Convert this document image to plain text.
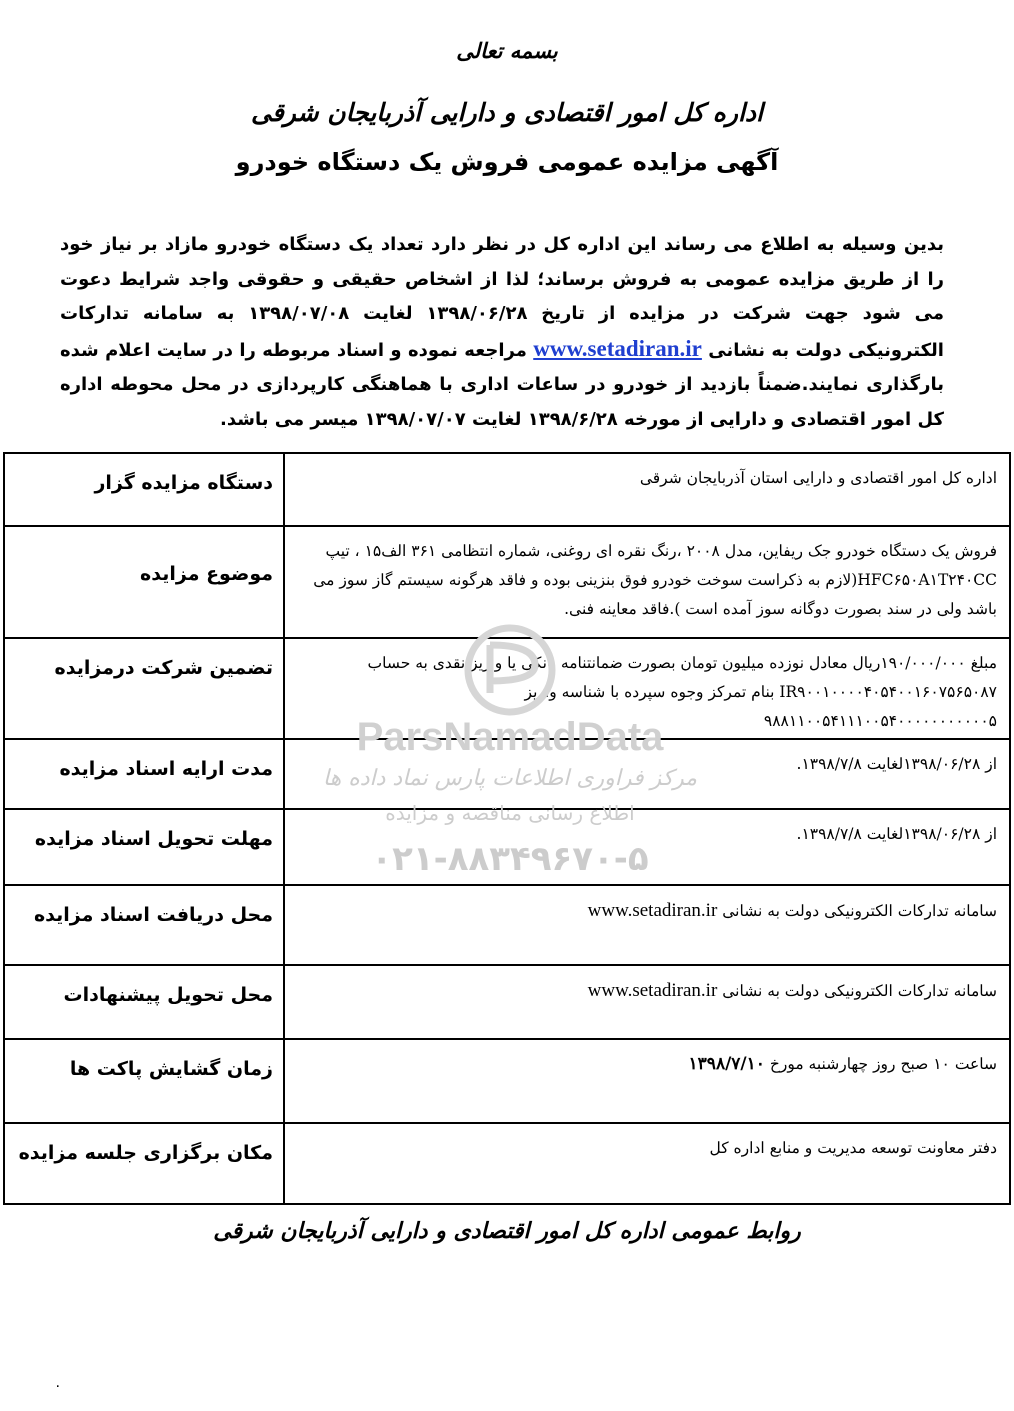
بسمه تعالی
اداره کل امور اقتصادی و دارایی آذربایجان شرقی
آگهی مزایده عمومی فروش یک دستگاه خودرو
بدین وسیله به اطلاع می رساند این اداره کل در نظر دارد تعداد یک دستگاه خودرو مازاد بر نیاز خود را از طریق مزایده عمومی به فروش برساند؛ لذا از اشخاص حقیقی و حقوقی واجد شرایط دعوت می شود جهت شرکت در مزایده از تاریخ ۱۳۹۸/۰۶/۲۸ لغایت ۱۳۹۸/۰۷/۰۸ به سامانه تدارکات الکترونیکی دولت به نشانی www.setadiran.ir مراجعه نموده و اسناد مربوطه را در سایت اعلام شده بارگذاری نمایند.ضمناً بازدید از خودرو در ساعات اداری با هماهنگی کارپردازی در محل محوطه اداره کل امور اقتصادی و دارایی از مورخه ۱۳۹۸/۶/۲۸ لغایت ۱۳۹۸/۰۷/۰۷ میسر می باشد.
اداره کل امور اقتصادی و دارایی استان آذربایجان شرقی	دستگاه مزایده گزار
فروش یک دستگاه خودرو جک ریفاین، مدل ۲۰۰۸ ،رنگ نقره ای روغنی، شماره انتظامی ۳۶۱ الف۱۵ ، تیپ HFC۶۵۰A۱T۲۴۰CC(لازم به ذکراست سوخت خودرو فوق بنزینی بوده و فاقد هرگونه سیستم گاز سوز می باشد ولی در سند بصورت دوگانه سوز آمده است ).فاقد معاینه فنی.	موضوع مزایده
مبلغ ۱۹۰/۰۰۰/۰۰۰ریال معادل نوزده میلیون تومان بصورت ضمانتنامه بانکی یا واریز نقدی به حساب IR۹۰۰۱۰۰۰۰۴۰۵۴۰۰۱۶۰۷۵۶۵۰۸۷ بنام تمرکز وجوه سپرده با شناسه واریز ۹۸۸۱۱۰۰۵۴۱۱۱۰۰۵۴۰۰۰۰۰۰۰۰۰۰۰۵	تضمین شرکت درمزایده
از ۱۳۹۸/۰۶/۲۸لغایت ۱۳۹۸/۷/۸.	مدت ارایه اسناد مزایده
از ۱۳۹۸/۰۶/۲۸لغایت ۱۳۹۸/۷/۸.	مهلت تحویل اسناد مزایده
سامانه تدارکات الکترونیکی دولت به نشانی www.setadiran.ir	محل دریافت اسناد مزایده
سامانه تدارکات الکترونیکی دولت به نشانی www.setadiran.ir	محل تحویل پیشنهادات
ساعت ۱۰ صبح روز چهارشنبه مورخ ۱۳۹۸/۷/۱۰	زمان گشایش پاکت ها
دفتر معاونت توسعه مدیریت و منابع اداره کل	مکان برگزاری جلسه مزایده
ParsNamadData
مرکز فراوری اطلاعات پارس نماد داده ها
اطلاع رسانی مناقصه و مزایده
۰۲۱-۸۸۳۴۹۶۷۰-۵
روابط عمومی اداره کل امور اقتصادی و دارایی آذربایجان شرقی
۰
